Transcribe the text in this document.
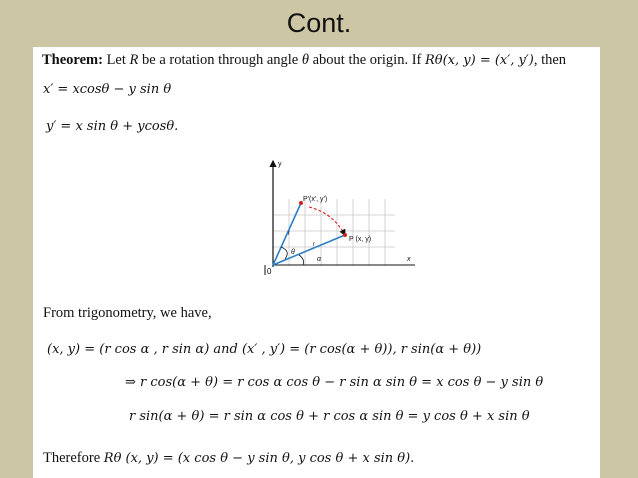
Cont.
Theorem: Let R be a rotation through angle θ about the origin. If Rθ(x, y) = (x′, y′), then
x′ = xcosθ − y sin θ
y′ = x sin θ + ycosθ.
y
x
0
P′(x′, y′)
P (x, y)
r
r
θ
α
From trigonometry, we have,
(x, y) = (r cos α , r sin α) and (x′ , y′) = (r cos(α + θ)), r sin(α + θ))
⇒ r cos(α + θ) = r cos α cos θ − r sin α sin θ = x cos θ − y sin θ
r sin(α + θ) = r sin α cos θ + r cos α sin θ = y cos θ + x sin θ
Therefore Rθ (x, y) = (x cos θ − y sin θ, y cos θ + x sin θ).
